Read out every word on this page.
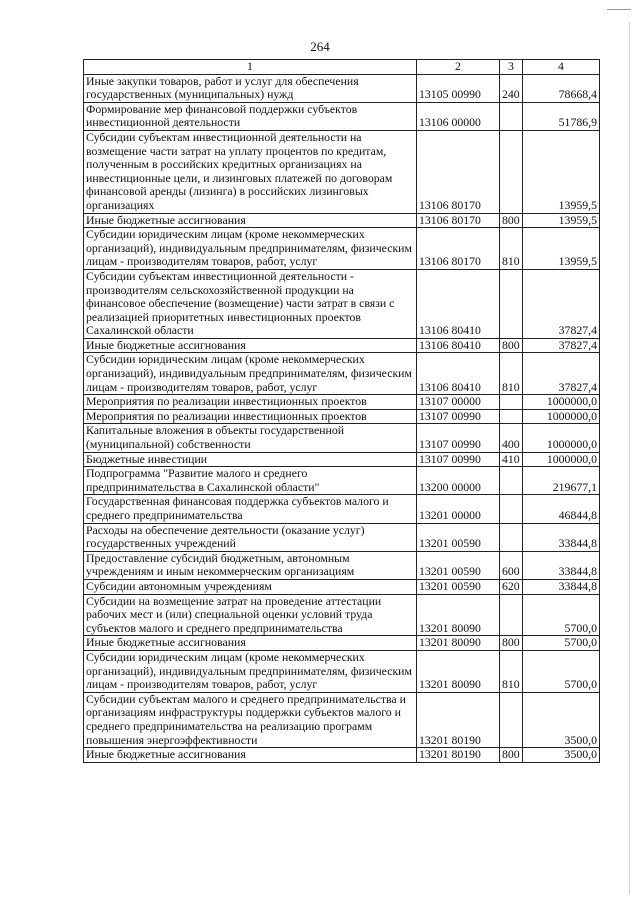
264
1	2	3	4
Иные закупки товаров, работ и услуг для обеспечения государственных (муниципальных) нужд	13105 00990	240	78668,4
Формирование мер финансовой поддержки субъектов инвестиционной деятельности	13106 00000		51786,9
Субсидии субъектам инвестиционной деятельности на возмещение части затрат на уплату процентов по кредитам, полученным в российских кредитных организациях на инвестиционные цели, и лизинговых платежей по договорам финансовой аренды (лизинга) в российских лизинговых организациях	13106 80170		13959,5
Иные бюджетные ассигнования	13106 80170	800	13959,5
Субсидии юридическим лицам (кроме некоммерческих организаций), индивидуальным предпринимателям, физическим лицам - производителям товаров, работ, услуг	13106 80170	810	13959,5
Субсидии субъектам инвестиционной деятельности - производителям сельскохозяйственной продукции на финансовое обеспечение (возмещение) части затрат в связи с реализацией приоритетных инвестиционных проектов Сахалинской области	13106 80410		37827,4
Иные бюджетные ассигнования	13106 80410	800	37827,4
Субсидии юридическим лицам (кроме некоммерческих организаций), индивидуальным предпринимателям, физическим лицам - производителям товаров, работ, услуг	13106 80410	810	37827,4
Мероприятия по реализации инвестиционных проектов	13107 00000		1000000,0
Мероприятия по реализации инвестиционных проектов	13107 00990		1000000,0
Капитальные вложения в объекты государственной (муниципальной) собственности	13107 00990	400	1000000,0
Бюджетные инвестиции	13107 00990	410	1000000,0
Подпрограмма "Развитие малого и среднего предпринимательства в Сахалинской области"	13200 00000		219677,1
Государственная финансовая поддержка субъектов малого и среднего предпринимательства	13201 00000		46844,8
Расходы на обеспечение деятельности (оказание услуг) государственных учреждений	13201 00590		33844,8
Предоставление субсидий бюджетным, автономным учреждениям и иным некоммерческим организациям	13201 00590	600	33844,8
Субсидии автономным учреждениям	13201 00590	620	33844,8
Субсидии на возмещение затрат на проведение аттестации рабочих мест и (или) специальной оценки условий труда субъектов малого и среднего предпринимательства	13201 80090		5700,0
Иные бюджетные ассигнования	13201 80090	800	5700,0
Субсидии юридическим лицам (кроме некоммерческих организаций), индивидуальным предпринимателям, физическим лицам - производителям товаров, работ, услуг	13201 80090	810	5700,0
Субсидии субъектам малого и среднего предпринимательства и организациям инфраструктуры поддержки субъектов малого и среднего предпринимательства на реализацию программ повышения энергоэффективности	13201 80190		3500,0
Иные бюджетные ассигнования	13201 80190	800	3500,0
